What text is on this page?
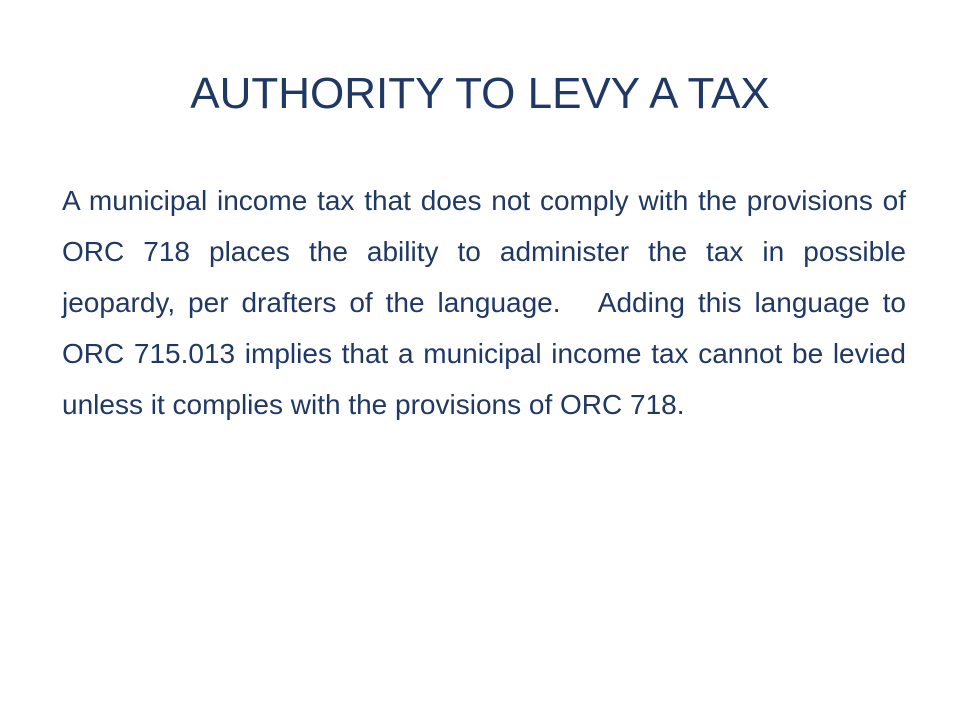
AUTHORITY TO LEVY A TAX

A municipal income tax that does not comply with the provisions of ORC 718 places the ability to administer the tax in possible jeopardy, per drafters of the language.   Adding this language to ORC 715.013 implies that a municipal income tax cannot be levied unless it complies with the provisions of ORC 718.
